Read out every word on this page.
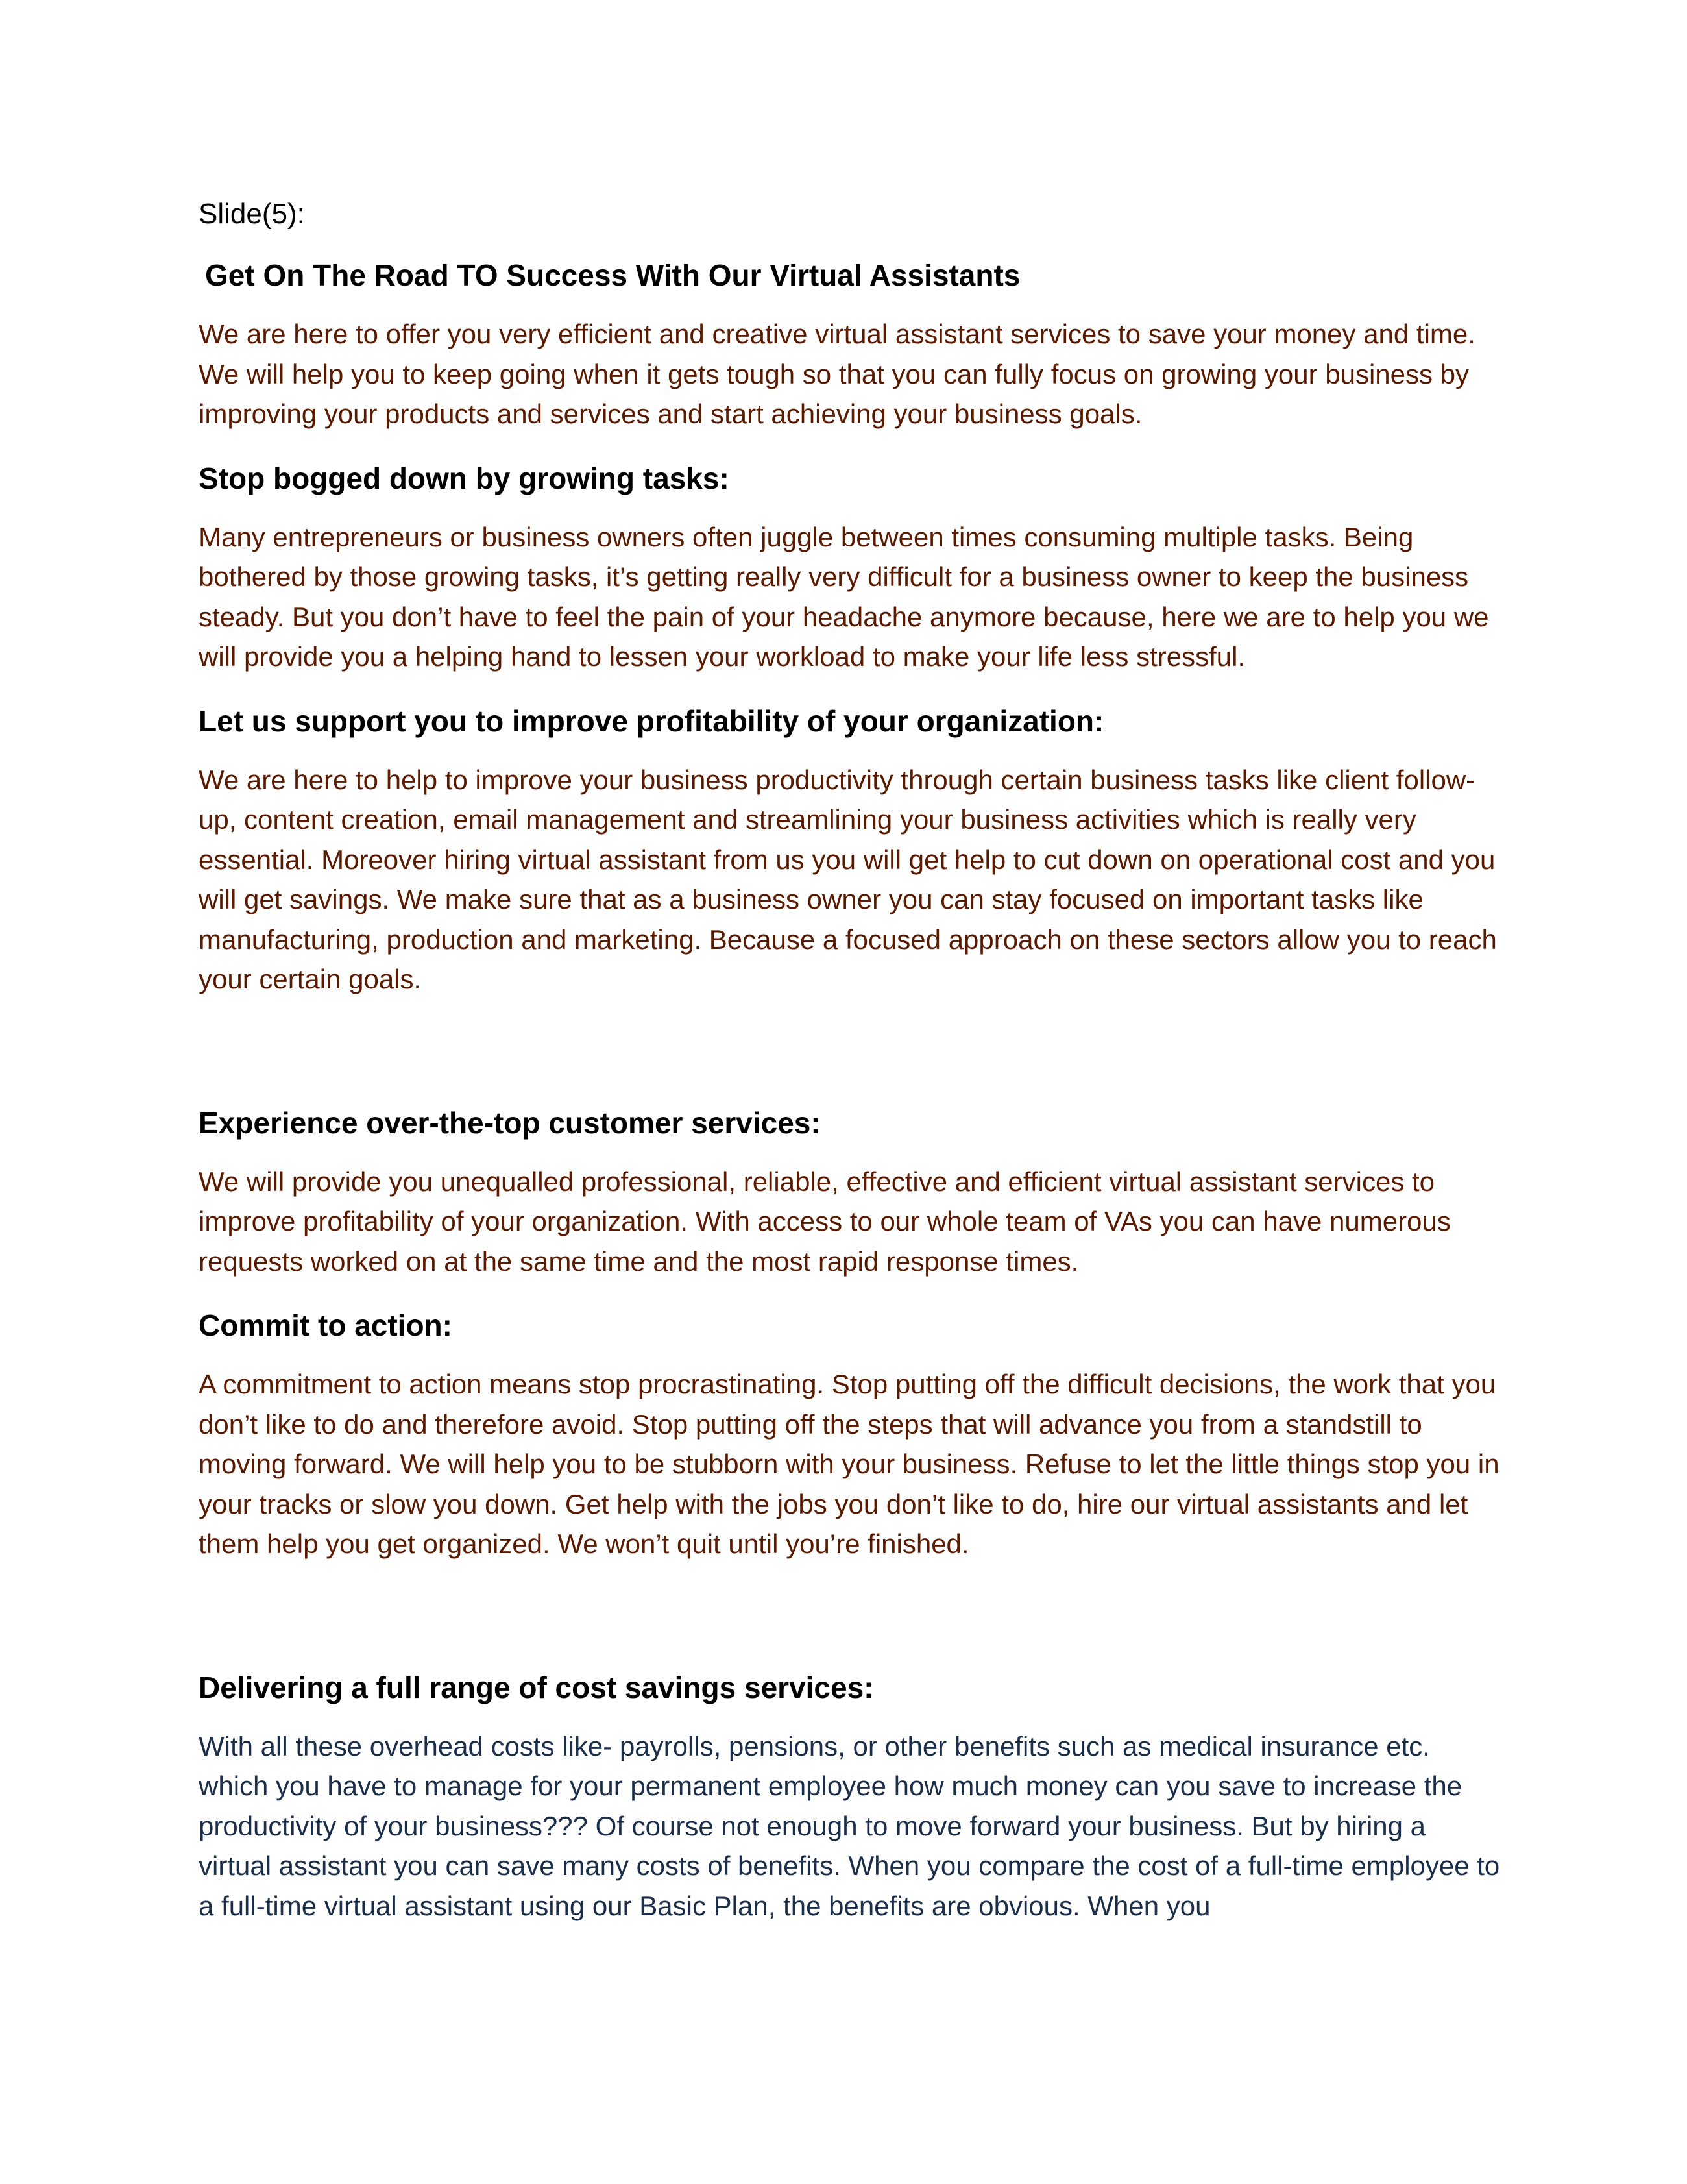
Slide(5):
Get On The Road TO Success With Our Virtual Assistants

We are here to offer you very efficient and creative virtual assistant services to save your money and time. We will help you to keep going when it gets tough so that you can fully focus on growing your business by improving your products and services and start achieving your business goals.

Stop bogged down by growing tasks:

Many entrepreneurs or business owners often juggle between times consuming multiple tasks. Being bothered by those growing tasks, it’s getting really very difficult for a business owner to keep the business steady. But you don’t have to feel the pain of your headache anymore because, here we are to help you we will provide you a helping hand to lessen your workload to make your life less stressful.

Let us support you to improve profitability of your organization:

We are here to help to improve your business productivity through certain business tasks like client follow-up, content creation, email management and streamlining your business activities which is really very essential. Moreover hiring virtual assistant from us you will get help to cut down on operational cost and you will get savings. We make sure that as a business owner you can stay focused on important tasks like manufacturing, production and marketing. Because a focused approach on these sectors allow you to reach your certain goals.

Experience over-the-top customer services:

We will provide you unequalled professional, reliable, effective and efficient virtual assistant services to improve profitability of your organization. With access to our whole team of VAs you can have numerous requests worked on at the same time and the most rapid response times.

Commit to action:

A commitment to action means stop procrastinating. Stop putting off the difficult decisions, the work that you don’t like to do and therefore avoid. Stop putting off the steps that will advance you from a standstill to moving forward. We will help you to be stubborn with your business. Refuse to let the little things stop you in your tracks or slow you down. Get help with the jobs you don’t like to do, hire our virtual assistants and let them help you get organized. We won’t quit until you’re finished.

Delivering a full range of cost savings services:

With all these overhead costs like- payrolls, pensions, or other benefits such as medical insurance etc. which you have to manage for your permanent employee how much money can you save to increase the productivity of your business??? Of course not enough to move forward your business. But by hiring a virtual assistant you can save many costs of benefits. When you compare the cost of a full-time employee to a full-time virtual assistant using our Basic Plan, the benefits are obvious. When you
